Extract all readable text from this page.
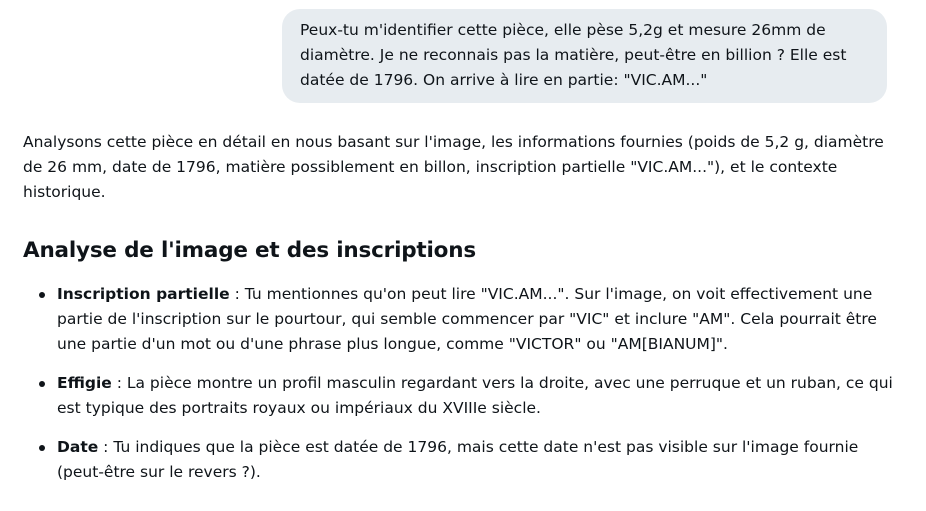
Peux-tu m'identifier cette pièce, elle pèse 5,2g et mesure 26mm de diamètre. Je ne reconnais pas la matière, peut-être en billion ? Elle est datée de 1796. On arrive à lire en partie: "VIC.AM..."

Analysons cette pièce en détail en nous basant sur l'image, les informations fournies (poids de 5,2 g, diamètre de 26 mm, date de 1796, matière possiblement en billon, inscription partielle "VIC.AM..."), et le contexte historique.

Analyse de l'image et des inscriptions
Inscription partielle : Tu mentionnes qu'on peut lire "VIC.AM...". Sur l'image, on voit effectivement une partie de l'inscription sur le pourtour, qui semble commencer par "VIC" et inclure "AM". Cela pourrait être une partie d'un mot ou d'une phrase plus longue, comme "VICTOR" ou "AM[BIANUM]".
Effigie : La pièce montre un profil masculin regardant vers la droite, avec une perruque et un ruban, ce qui est typique des portraits royaux ou impériaux du XVIIIe siècle.
Date : Tu indiques que la pièce est datée de 1796, mais cette date n'est pas visible sur l'image fournie (peut-être sur le revers ?).
